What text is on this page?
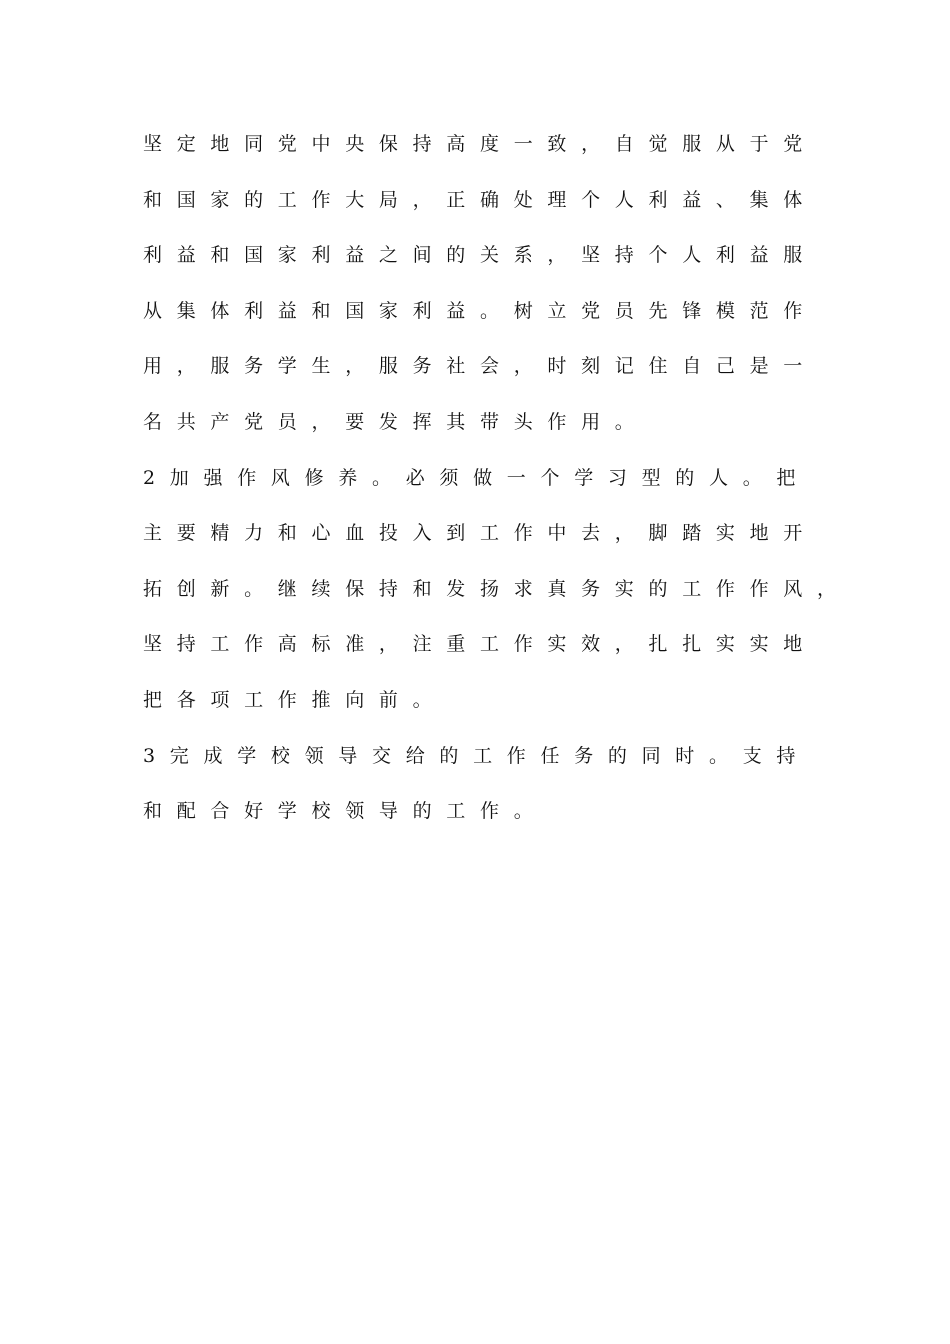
坚定地同党中央保持高度一致，自觉服从于党
和国家的工作大局，正确处理个人利益、集体
利益和国家利益之间的关系，坚持个人利益服
从集体利益和国家利益。树立党员先锋模范作
用，服务学生，服务社会，时刻记住自己是一
名共产党员，要发挥其带头作用。
2加强作风修养。必须做一个学习型的人。把
主要精力和心血投入到工作中去，脚踏实地开
拓创新。继续保持和发扬求真务实的工作作风，
坚持工作高标准，注重工作实效，扎扎实实地
把各项工作推向前。
3完成学校领导交给的工作任务的同时。支持
和配合好学校领导的工作。
